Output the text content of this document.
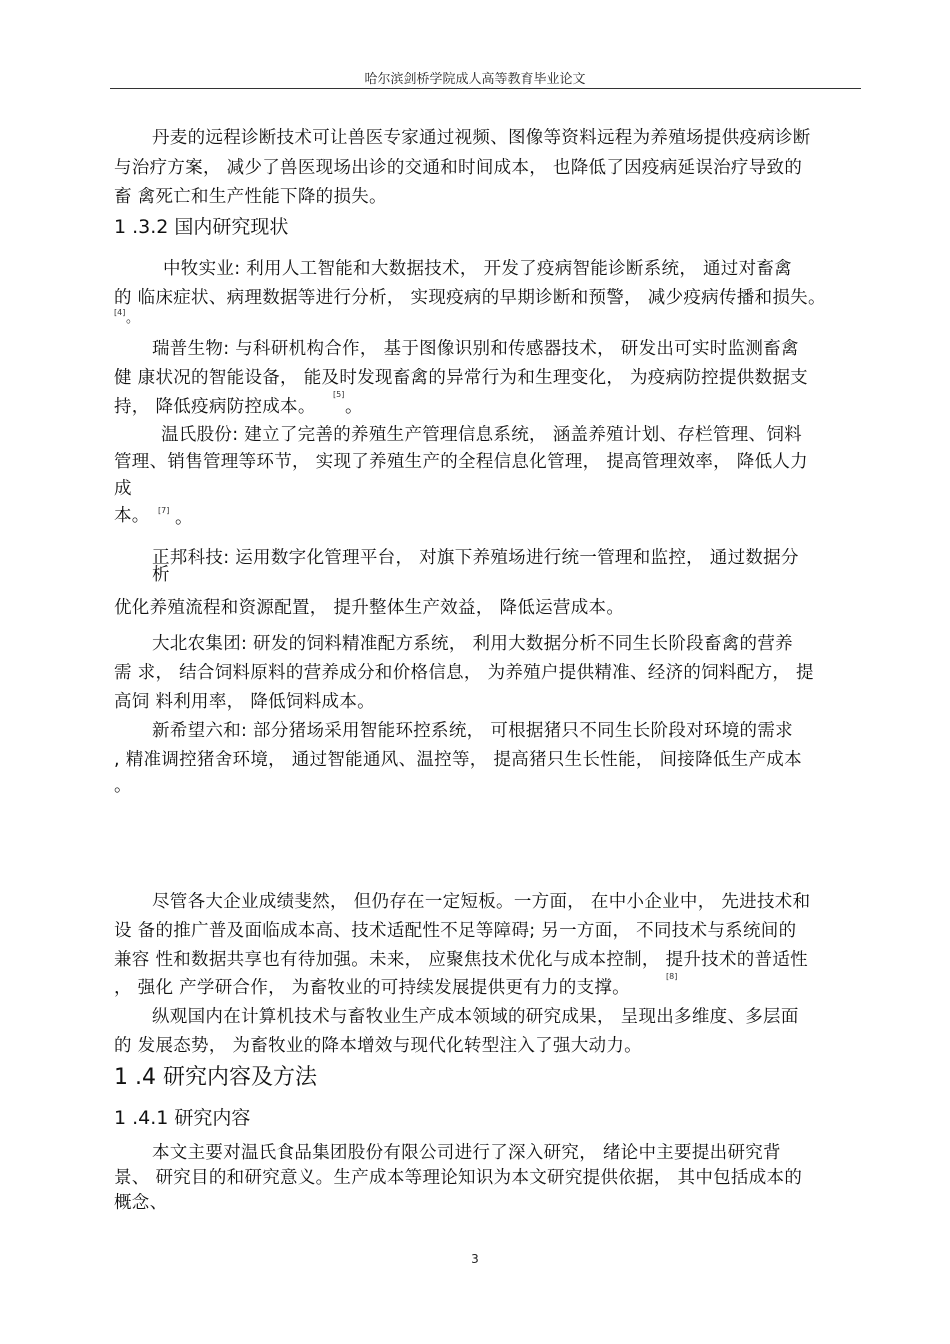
哈尔滨剑桥学院成人高等教育毕业论文
丹麦的远程诊断技术可让兽医专家通过视频、图像等资料远程为养殖场提供疫病诊断
与治疗方案， 减少了兽医现场出诊的交通和时间成本， 也降低了因疫病延误治疗导致的
畜 禽死亡和生产性能下降的损失。
1 .3.2 国内研究现状
中牧实业: 利用人工智能和大数据技术， 开发了疫病智能诊断系统， 通过对畜禽
的 临床症状、病理数据等进行分析， 实现疫病的早期诊断和预警， 减少疫病传播和损失。
[4] 。
瑞普生物: 与科研机构合作， 基于图像识别和传感器技术， 研发出可实时监测畜禽
健 康状况的智能设备， 能及时发现畜禽的异常行为和生理变化， 为疫病防控提供数据支
持， 降低疫病防控成本。
[5]
。
温氏股份: 建立了完善的养殖生产管理信息系统， 涵盖养殖计划、存栏管理、饲料
管理、销售管理等环节， 实现了养殖生产的全程信息化管理， 提高管理效率， 降低人力
成
本。 [7] 。
正邦科技: 运用数字化管理平台， 对旗下养殖场进行统一管理和监控， 通过数据分
析
优化养殖流程和资源配置， 提升整体生产效益， 降低运营成本。
大北农集团: 研发的饲料精准配方系统， 利用大数据分析不同生长阶段畜禽的营养
需 求， 结合饲料原料的营养成分和价格信息， 为养殖户提供精准、经济的饲料配方， 提
高饲 料利用率， 降低饲料成本。
新希望六和: 部分猪场采用智能环控系统， 可根据猪只不同生长阶段对环境的需求
, 精准调控猪舍环境， 通过智能通风、温控等， 提高猪只生长性能， 间接降低生产成本
。
尽管各大企业成绩斐然， 但仍存在一定短板。一方面， 在中小企业中， 先进技术和
设 备的推广普及面临成本高、技术适配性不足等障碍; 另一方面， 不同技术与系统间的
兼容 性和数据共享也有待加强。未来， 应聚焦技术优化与成本控制， 提升技术的普适性
， 强化 产学研合作， 为畜牧业的可持续发展提供更有力的支撑。
[8]
纵观国内在计算机技术与畜牧业生产成本领域的研究成果， 呈现出多维度、多层面
的 发展态势， 为畜牧业的降本增效与现代化转型注入了强大动力。
1 .4 研究内容及方法
1 .4.1 研究内容
本文主要对温氏食品集团股份有限公司进行了深入研究， 绪论中主要提出研究背
景、 研究目的和研究意义。生产成本等理论知识为本文研究提供依据， 其中包括成本的
概念、
3
